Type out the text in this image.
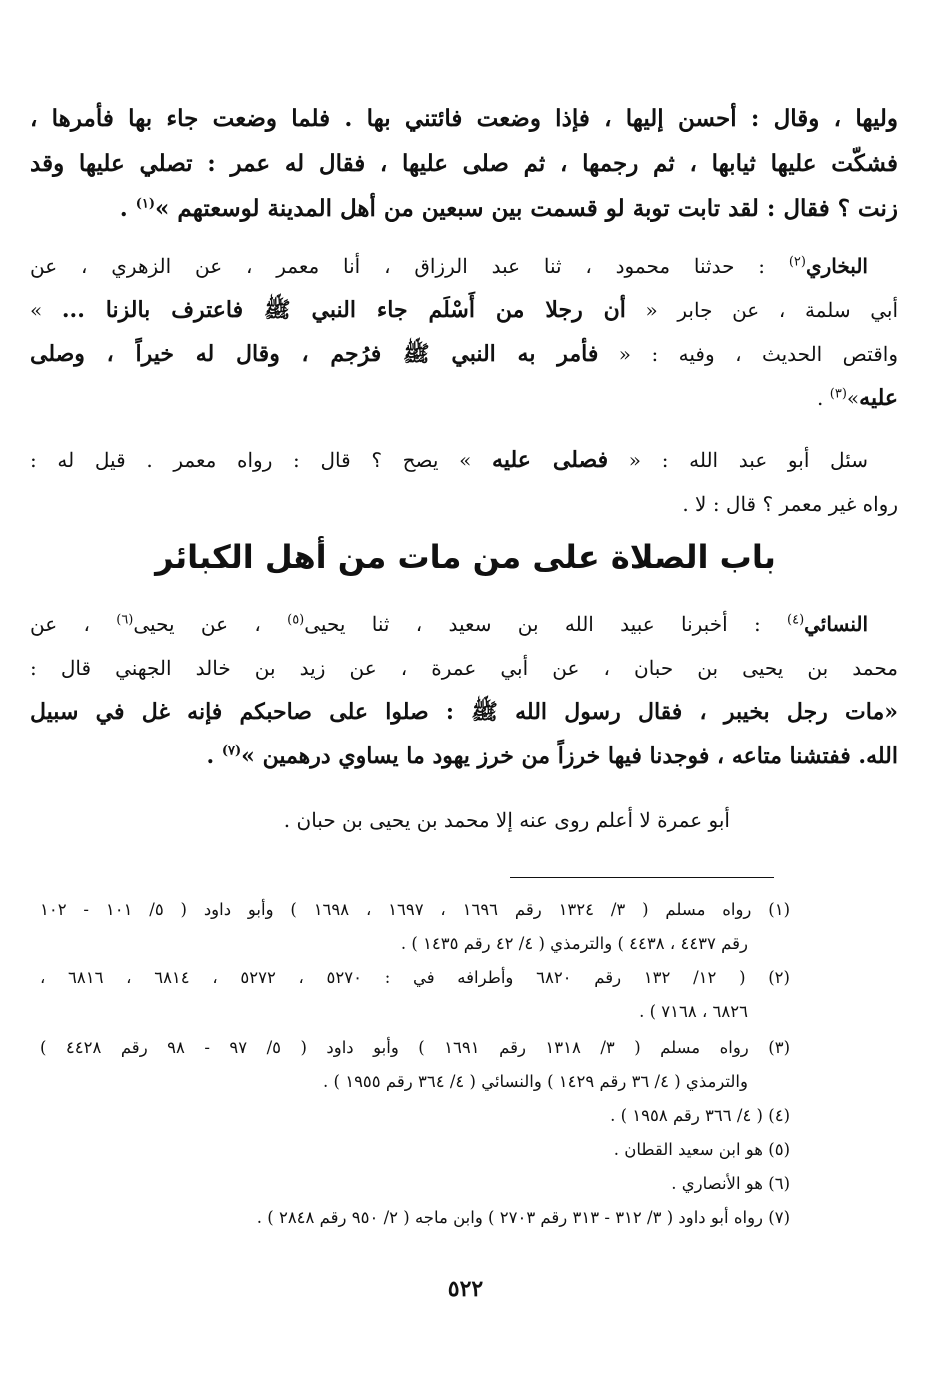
وليها ، وقال : أحسن إليها ، فإذا وضعت فائتني بها . فلما وضعت جاء بها فأمرها ،
فشكّت عليها ثيابها ، ثم رجمها ، ثم صلى عليها ، فقال له عمر : تصلي عليها وقد
زنت ؟ فقال : لقد تابت توبة لو قسمت بين سبعين من أهل المدينة لوسعتهم »$^{(١)}$ .
البخاري$^{(٢)}$ : حدثنا محمود ، ثنا عبد الرزاق ، أنا معمر ، عن الزهري ، عن
أبي سلمة ، عن جابر « أن رجلا من أَسْلَم جاء النبي ﷺ فاعترف بالزنا ... »
واقتص الحديث ، وفيه : « فأمر به النبي ﷺ فرُجم ، وقال له خيراً ، وصلى
عليه»$^{(٣)}$ .
سئل أبو عبد الله : « فصلى عليه » يصح ؟ قال : رواه معمر . قيل له :
رواه غير معمر ؟ قال : لا .
باب الصلاة على من مات من أهل الكبائر
النسائي$^{(٤)}$ : أخبرنا عبيد الله بن سعيد ، ثنا يحيى$^{(٥)}$ ، عن يحيى$^{(٦)}$ ، عن
محمد بن يحيى بن حبان ، عن أبي عمرة ، عن زيد بن خالد الجهني قال :
«مات رجل بخيبر ، فقال رسول الله ﷺ : صلوا على صاحبكم فإنه غل في سبيل
الله. ففتشنا متاعه ، فوجدنا فيها خرزاً من خرز يهود ما يساوي درهمين »$^{(٧)}$ .
أبو عمرة لا أعلم روى عنه إلا محمد بن يحيى بن حبان .
(١) رواه مسلم ( ٣/ ١٣٢٤ رقم ١٦٩٦ ، ١٦٩٧ ، ١٦٩٨ ) وأبو داود ( ٥/ ١٠١ - ١٠٢
رقم ٤٤٣٧ ، ٤٤٣٨ ) والترمذي ( ٤/ ٤٢ رقم ١٤٣٥ ) .
(٢) ( ١٢/ ١٣٢ رقم ٦٨٢٠ وأطرافه في : ٥٢٧٠ ، ٥٢٧٢ ، ٦٨١٤ ، ٦٨١٦ ،
٦٨٢٦ ، ٧١٦٨ ) .
(٣) رواه مسلم ( ٣/ ١٣١٨ رقم ١٦٩١ ) وأبو داود ( ٥/ ٩٧ - ٩٨ رقم ٤٤٢٨ )
والترمذي ( ٤/ ٣٦ رقم ١٤٢٩ ) والنسائي ( ٤/ ٣٦٤ رقم ١٩٥٥ ) .
(٤) ( ٤/ ٣٦٦ رقم ١٩٥٨ ) .
(٥) هو ابن سعيد القطان .
(٦) هو الأنصاري .
(٧) رواه أبو داود ( ٣/ ٣١٢ - ٣١٣ رقم ٢٧٠٣ ) وابن ماجه ( ٢/ ٩٥٠ رقم ٢٨٤٨ ) .
٥٢٢
